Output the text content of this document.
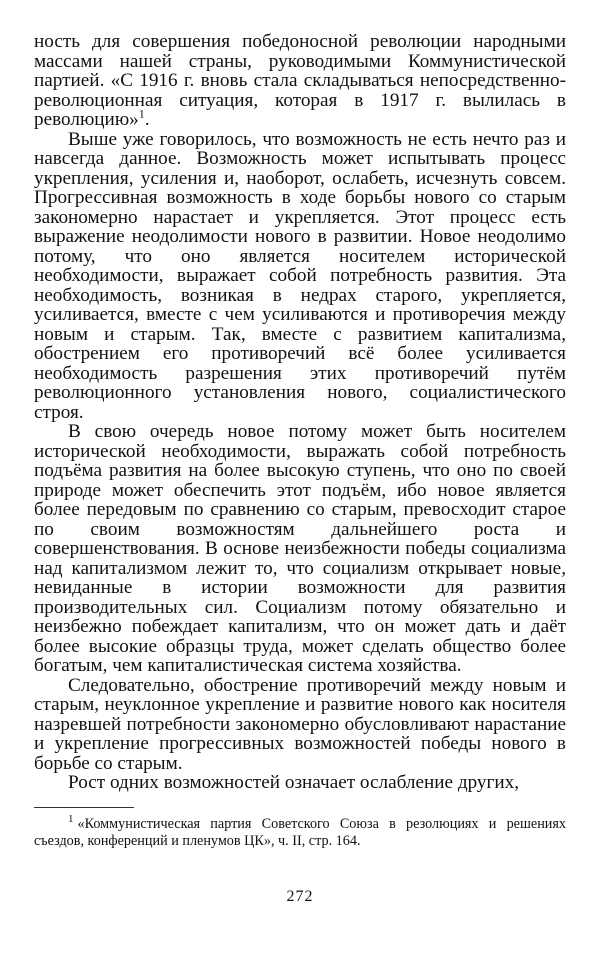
ность для совершения победоносной революции народными массами нашей страны, руководимыми Коммунистической партией. «С 1916 г. вновь стала складываться непосредственно-революционная ситуация, которая в 1917 г. вылилась в революцию»$^1$.

Выше уже говорилось, что возможность не есть нечто раз и навсегда данное. Возможность может испытывать процесс укрепления, усиления и, наоборот, ослабеть, исчезнуть совсем. Прогрессивная возможность в ходе борьбы нового со старым закономерно нарастает и укрепляется. Этот процесс есть выражение неодолимости нового в развитии. Новое неодолимо потому, что оно является носителем исторической необходимости, выражает собой потребность развития. Эта необходимость, возникая в недрах старого, укрепляется, усиливается, вместе с чем усиливаются и противоречия между новым и старым. Так, вместе с развитием капитализма, обострением его противоречий всё более усиливается необходимость разрешения этих противоречий путём революционного установления нового, социалистического строя.

В свою очередь новое потому может быть носителем исторической необходимости, выражать собой потребность подъёма развития на более высокую ступень, что оно по своей природе может обеспечить этот подъём, ибо новое является более передовым по сравнению со старым, превосходит старое по своим возможностям дальнейшего роста и совершенствования. В основе неизбежности победы социализма над капитализмом лежит то, что социализм открывает новые, невиданные в истории возможности для развития производительных сил. Социализм потому обязательно и неизбежно побеждает капитализм, что он может дать и даёт более высокие образцы труда, может сделать общество более богатым, чем капиталистическая система хозяйства.

Следовательно, обострение противоречий между новым и старым, неуклонное укрепление и развитие нового как носителя назревшей потребности закономерно обусловливают нарастание и укрепление прогрессивных возможностей победы нового в борьбе со старым.

Рост одних возможностей означает ослабление других,

$^1$ «Коммунистическая партия Советского Союза в резолюциях и решениях съездов, конференций и пленумов ЦК», ч. II, стр. 164.

272
